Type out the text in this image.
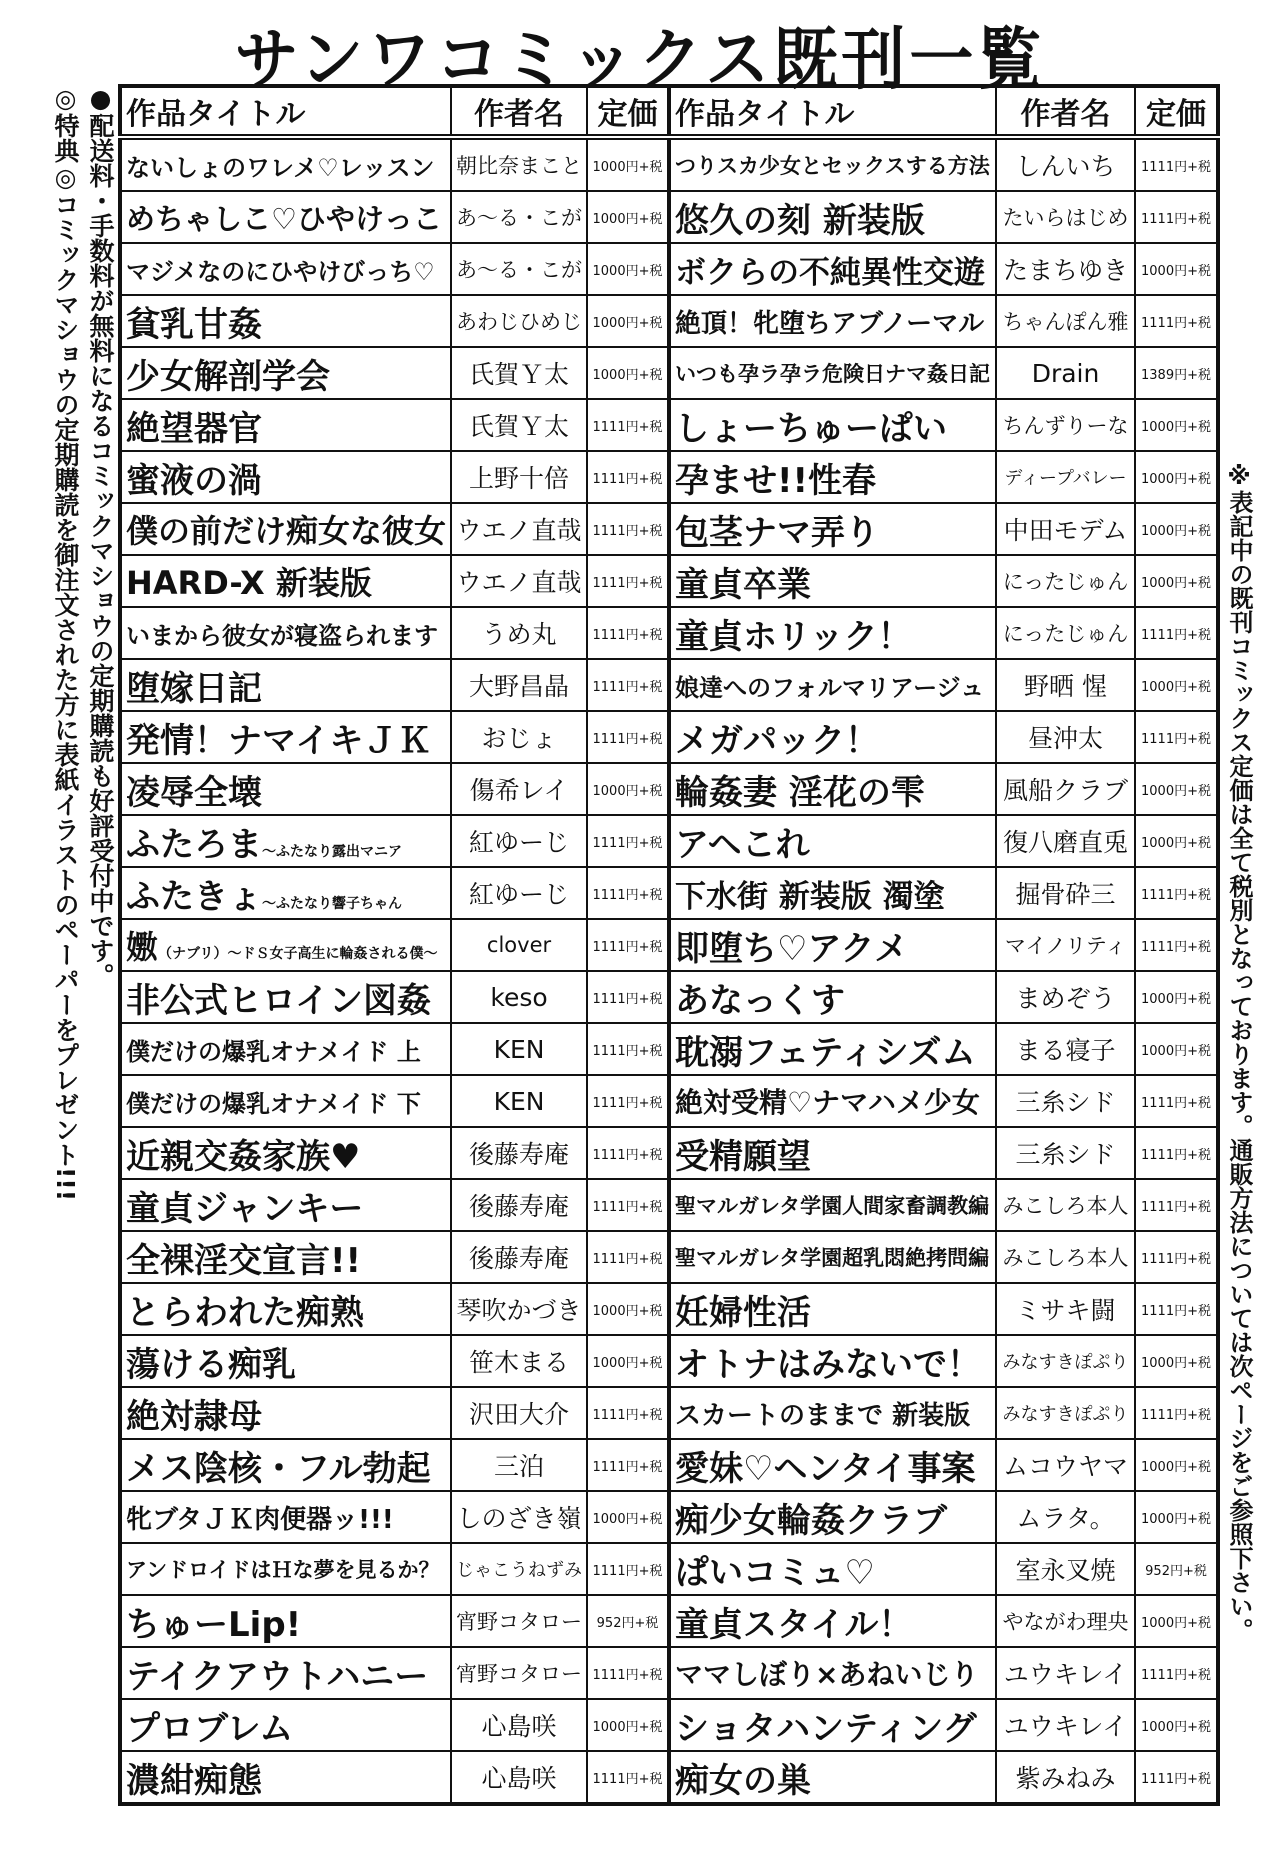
サンワコミックス既刊一覧
●配送料・手数料が無料になるコミックマショウの定期購読も好評受付中です。
◎特典◎コミックマショウの定期購読を御注文された方に表紙イラストのペーパーをプレゼント!!!	※表記中の既刊コミックス定価は全て税別となっております。通販方法については次ページをご参照下さい。
作品タイトル	作者名	定価	作品タイトル	作者名	定価
ないしょのワレメ♡レッスン	朝比奈まこと	1000円+税	つりスカ少女とセックスする方法	しんいち	1111円+税
めちゃしこ♡ひやけっこ	あ～る・こが	1000円+税	悠久の刻 新装版	たいらはじめ	1111円+税
マジメなのにひやけびっち♡	あ～る・こが	1000円+税	ボクらの不純異性交遊	たまちゆき	1000円+税
貧乳甘姦	あわじひめじ	1000円+税	絶頂！牝堕ちアブノーマル	ちゃんぽん雅	1111円+税
少女解剖学会	氏賀Ｙ太	1000円+税	いつも孕ラ孕ラ危険日ナマ姦日記	Drain	1389円+税
絶望器官	氏賀Ｙ太	1111円+税	しょーちゅーぱい	ちんずりーな	1000円+税
蜜液の渦	上野十倍	1111円+税	孕ませ!!性春	ディープバレー	1000円+税
僕の前だけ痴女な彼女	ウエノ直哉	1111円+税	包茎ナマ弄り	中田モデム	1000円+税
HARD-X 新装版	ウエノ直哉	1111円+税	童貞卒業	にったじゅん	1000円+税
いまから彼女が寝盗られます	うめ丸	1111円+税	童貞ホリック！	にったじゅん	1111円+税
堕嫁日記	大野昌晶	1111円+税	娘達へのフォルマリアージュ	野晒 惺	1000円+税
発情！ナマイキＪＫ	おじょ	1111円+税	メガパック！	昼沖太	1111円+税
凌辱全壊	傷希レイ	1000円+税	輪姦妻 淫花の雫	風船クラブ	1000円+税
ふたろま～ふたなり露出マニア	紅ゆーじ	1111円+税	アヘこれ	復八磨直兎	1000円+税
ふたきょ～ふたなり響子ちゃん	紅ゆーじ	1111円+税	下水街 新装版 濁塗	掘骨砕三	1111円+税
嫐（ナブリ）～ドＳ女子高生に輪姦される僕～	clover	1111円+税	即堕ち♡アクメ	マイノリティ	1111円+税
非公式ヒロイン図姦	keso	1111円+税	あなっくす	まめぞう	1000円+税
僕だけの爆乳オナメイド 上	KEN	1111円+税	耽溺フェティシズム	まる寝子	1000円+税
僕だけの爆乳オナメイド 下	KEN	1111円+税	絶対受精♡ナマハメ少女	三糸シド	1111円+税
近親交姦家族♥	後藤寿庵	1111円+税	受精願望	三糸シド	1111円+税
童貞ジャンキー	後藤寿庵	1111円+税	聖マルガレタ学園人間家畜調教編	みこしろ本人	1111円+税
全裸淫交宣言!!	後藤寿庵	1111円+税	聖マルガレタ学園超乳悶絶拷問編	みこしろ本人	1111円+税
とらわれた痴熟	琴吹かづき	1000円+税	妊婦性活	ミサキ闘	1111円+税
蕩ける痴乳	笹木まる	1000円+税	オトナはみないで！	みなすきぽぷり	1000円+税
絶対隷母	沢田大介	1111円+税	スカートのままで 新装版	みなすきぽぷり	1111円+税
メス陰核・フル勃起	三泊	1111円+税	愛妹♡ヘンタイ事案	ムコウヤマ	1000円+税
牝ブタＪＫ肉便器ッ!!!	しのざき嶺	1000円+税	痴少女輪姦クラブ	ムラタ。	1000円+税
アンドロイドはＨな夢を見るか？	じゃこうねずみ	1111円+税	ぱいコミュ♡	室永叉焼	952円+税
ちゅーLip!	宵野コタロー	952円+税	童貞スタイル！	やながわ理央	1000円+税
テイクアウトハニー	宵野コタロー	1111円+税	ママしぼり×あねいじり	ユウキレイ	1111円+税
プロブレム	心島咲	1000円+税	ショタハンティング	ユウキレイ	1000円+税
濃紺痴態	心島咲	1111円+税	痴女の巣	紫みねみ	1111円+税
